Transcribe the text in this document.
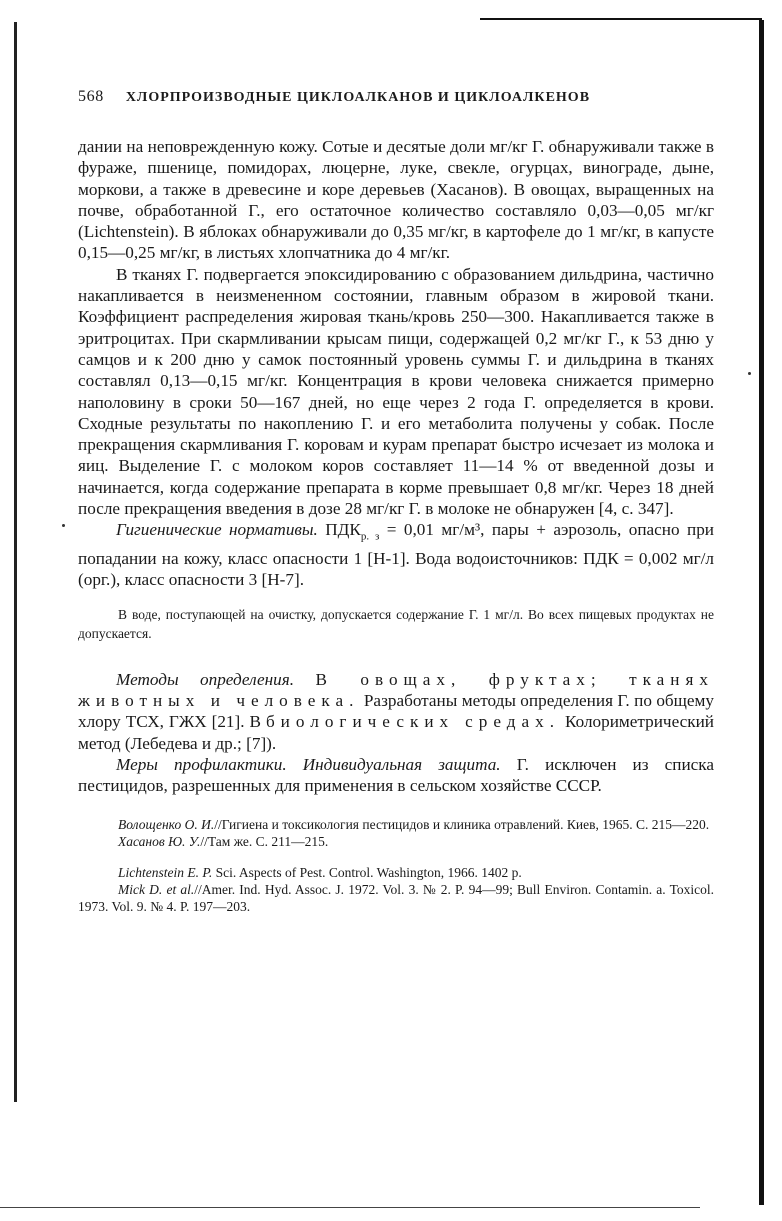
568 ХЛОРПРОИЗВОДНЫЕ ЦИКЛОАЛКАНОВ И ЦИКЛОАЛКЕНОВ

дании на неповрежденную кожу. Сотые и десятые доли мг/кг Г. обнаруживали также в фураже, пшенице, помидорах, люцерне, луке, свекле, огурцах, винограде, дыне, моркови, а также в древесине и коре деревьев (Хасанов). В овощах, выращенных на почве, обработанной Г., его остаточное количество составляло 0,03—0,05 мг/кг (Lichtenstein). В яблоках обнаруживали до 0,35 мг/кг, в картофеле до 1 мг/кг, в капусте 0,15—0,25 мг/кг, в листьях хлопчатника до 4 мг/кг.

В тканях Г. подвергается эпоксидированию с образованием дильдрина, частично накапливается в неизмененном состоянии, главным образом в жировой ткани. Коэффициент распределения жировая ткань/кровь 250—300. Накапливается также в эритроцитах. При скармливании крысам пищи, содержащей 0,2 мг/кг Г., к 53 дню у самцов и к 200 дню у самок постоянный уровень суммы Г. и дильдрина в тканях составлял 0,13—0,15 мг/кг. Концентрация в крови человека снижается примерно наполовину в сроки 50—167 дней, но еще через 2 года Г. определяется в крови. Сходные результаты по накоплению Г. и его метаболита получены у собак. После прекращения скармливания Г. коровам и курам препарат быстро исчезает из молока и яиц. Выделение Г. с молоком коров составляет 11—14 % от введенной дозы и начинается, когда содержание препарата в корме превышает 0,8 мг/кг. Через 18 дней после прекращения введения в дозе 28 мг/кг Г. в молоке не обнаружен [4, с. 347].

Гигиенические нормативы. $ПДК_{р. з} = 0,01$ мг/м³, пары + аэрозоль, опасно при попадании на кожу, класс опасности 1 [Н-1]. Вода водоисточников: ПДК = 0,002 мг/л (орг.), класс опасности 3 [Н-7].

В воде, поступающей на очистку, допускается содержание Г. 1 мг/л. Во всех пищевых продуктах не допускается.

Методы определения. В овощах, фруктах; тканях животных и человека. Разработаны методы определения Г. по общему хлору ТСХ, ГЖХ [21]. В биологических средах. Колориметрический метод (Лебедева и др.; [7]).

Меры профилактики. Индивидуальная защита. Г. исключен из списка пестицидов, разрешенных для применения в сельском хозяйстве СССР.

Волощенко О. И.//Гигиена и токсикология пестицидов и клиника отравлений. Киев, 1965. С. 215—220.

Хасанов Ю. У.//Там же. С. 211—215.

Lichtenstein E. P. Sci. Aspects of Pest. Control. Washington, 1966. 1402 p.

Mick D. et al.//Amer. Ind. Hyd. Assoc. J. 1972. Vol. 3. № 2. P. 94—99; Bull Environ. Contamin. a. Toxicol. 1973. Vol. 9. № 4. P. 197—203.
